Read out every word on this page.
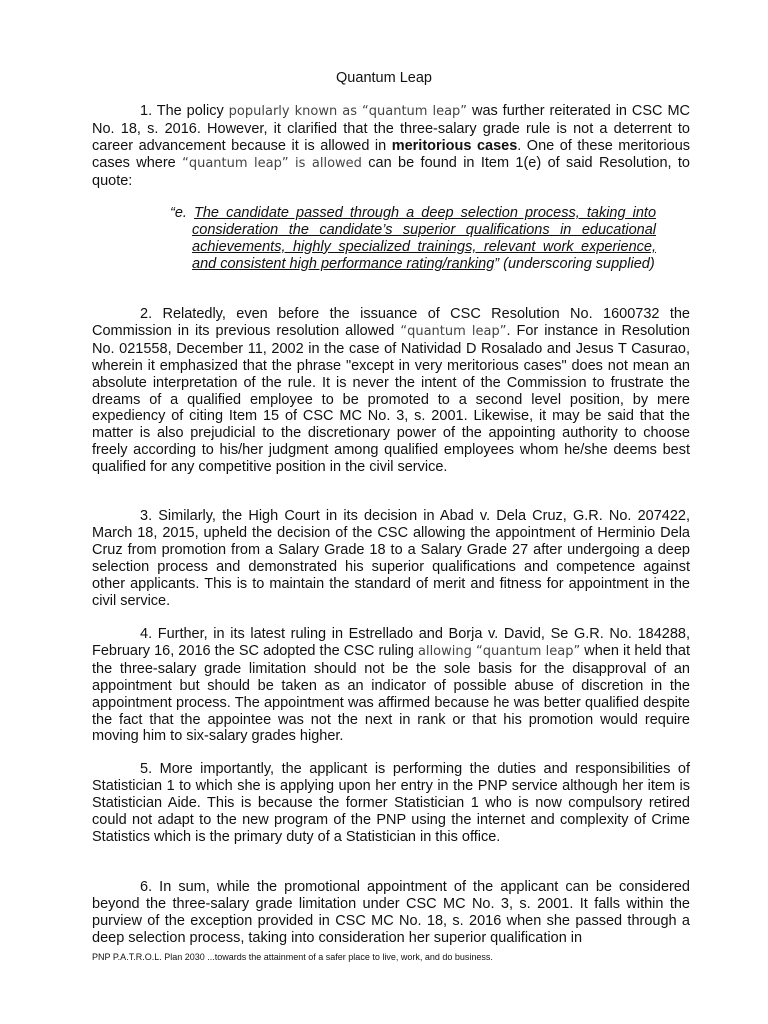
Quantum Leap

1. The policy popularly known as “quantum leap” was further reiterated in CSC MC No. 18, s. 2016. However, it clarified that the three-salary grade rule is not a deterrent to career advancement because it is allowed in meritorious cases. One of these meritorious cases where “quantum leap” is allowed can be found in Item 1(e) of said Resolution, to quote:

“e. The candidate passed through a deep selection process, taking into consideration the candidate’s superior qualifications in educational achievements, highly specialized trainings, relevant work experience, and consistent high performance rating/ranking” (underscoring supplied)

2. Relatedly, even before the issuance of CSC Resolution No. 1600732 the Commission in its previous resolution allowed “quantum leap”. For instance in Resolution No. 021558, December 11, 2002 in the case of Natividad D Rosalado and Jesus T Casurao, wherein it emphasized that the phrase "except in very meritorious cases" does not mean an absolute interpretation of the rule. It is never the intent of the Commission to frustrate the dreams of a qualified employee to be promoted to a second level position, by mere expediency of citing Item 15 of CSC MC No. 3, s. 2001. Likewise, it may be said that the matter is also prejudicial to the discretionary power of the appointing authority to choose freely according to his/her judgment among qualified employees whom he/she deems best qualified for any competitive position in the civil service.

3. Similarly, the High Court in its decision in Abad v. Dela Cruz, G.R. No. 207422, March 18, 2015, upheld the decision of the CSC allowing the appointment of Herminio Dela Cruz from promotion from a Salary Grade 18 to a Salary Grade 27 after undergoing a deep selection process and demonstrated his superior qualifications and competence against other applicants. This is to maintain the standard of merit and fitness for appointment in the civil service.

4. Further, in its latest ruling in Estrellado and Borja v. David, Se G.R. No. 184288, February 16, 2016 the SC adopted the CSC ruling allowing “quantum leap” when it held that the three-salary grade limitation should not be the sole basis for the disapproval of an appointment but should be taken as an indicator of possible abuse of discretion in the appointment process. The appointment was affirmed because he was better qualified despite the fact that the appointee was not the next in rank or that his promotion would require moving him to six-salary grades higher.

5. More importantly, the applicant is performing the duties and responsibilities of Statistician 1 to which she is applying upon her entry in the PNP service although her item is Statistician Aide. This is because the former Statistician 1 who is now compulsory retired could not adapt to the new program of the PNP using the internet and complexity of Crime Statistics which is the primary duty of a Statistician in this office.

6. In sum, while the promotional appointment of the applicant can be considered beyond the three-salary grade limitation under CSC MC No. 3, s. 2001. It falls within the purview of the exception provided in CSC MC No. 18, s. 2016 when she passed through a deep selection process, taking into consideration her superior qualification in

PNP P.A.T.R.O.L. Plan 2030 ...towards the attainment of a safer place to live, work, and do business.
